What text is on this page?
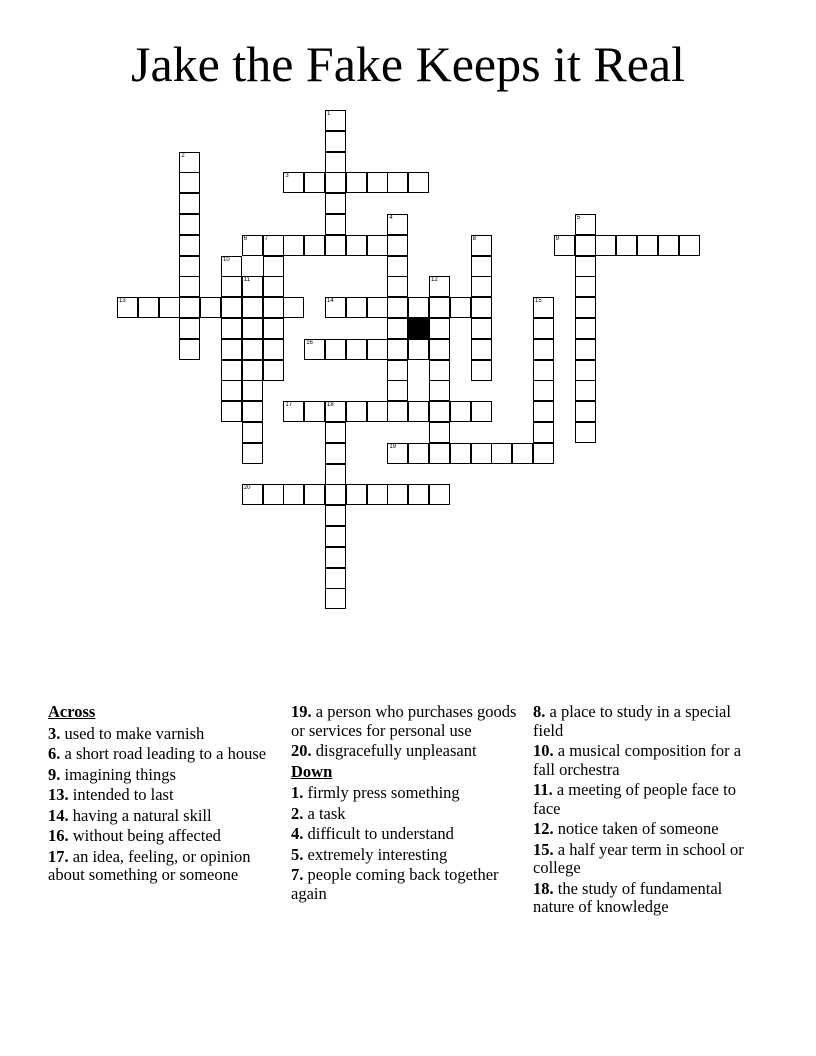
Jake the Fake Keeps it Real
1
2
3
4	5
6	7	8	9
10
11	12
13	14	15
16
17	18
19
20
Across
3. used to make varnish
6. a short road leading to a house
9. imagining things
13. intended to last
14. having a natural skill
16. without being affected
17. an idea, feeling, or opinion about something or someone
19. a person who purchases goods or services for personal use
20. disgracefully unpleasant
Down
1. firmly press something
2. a task
4. difficult to understand
5. extremely interesting
7. people coming back together again
8. a place to study in a special field
10. a musical composition for a fall orchestra
11. a meeting of people face to face
12. notice taken of someone
15. a half year term in school or college
18. the study of fundamental nature of knowledge
